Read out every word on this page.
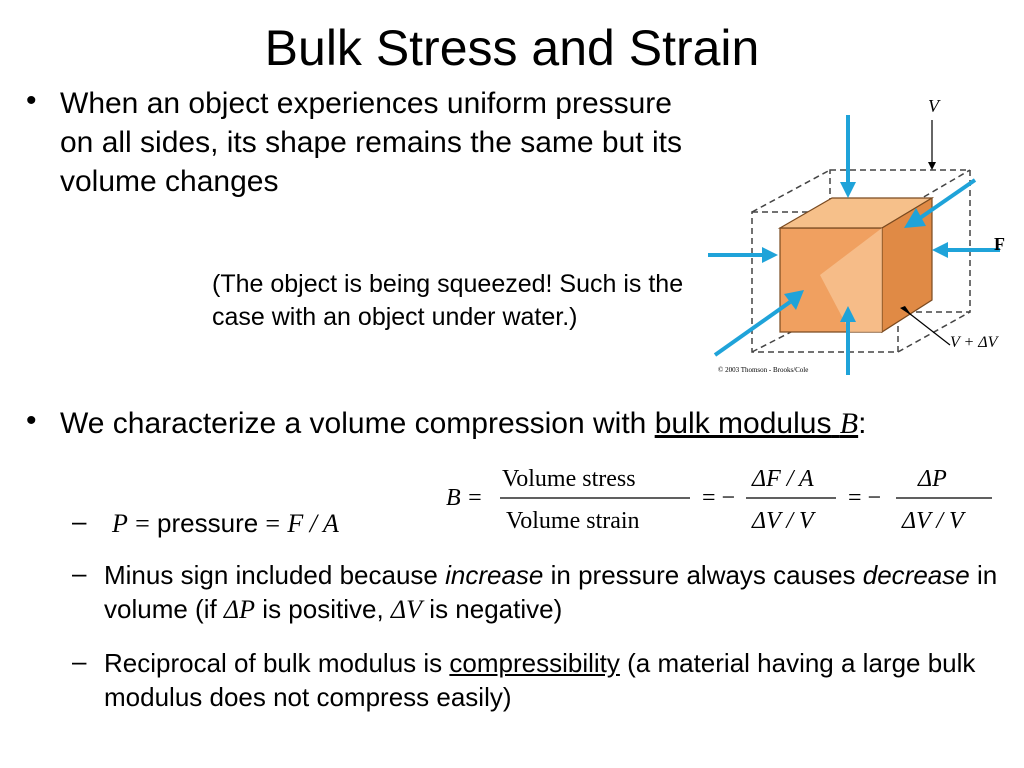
Bulk Stress and Strain
• When an object experiences uniform pressure on all sides, its shape remains the same but its volume changes
(The object is being squeezed! Such is the case with an object under water.)
V
F
V + ΔV
© 2003 Thomson - Brooks/Cole
• We characterize a volume compression with bulk modulus B:
B =
Volume stress
Volume strain
= −
ΔF / A
ΔV / V
= −
ΔP
ΔV / V
– P = pressure = F / A
– Minus sign included because increase in pressure always causes decrease in volume (if ΔP is positive, ΔV is negative)
– Reciprocal of bulk modulus is compressibility (a material having a large bulk modulus does not compress easily)
